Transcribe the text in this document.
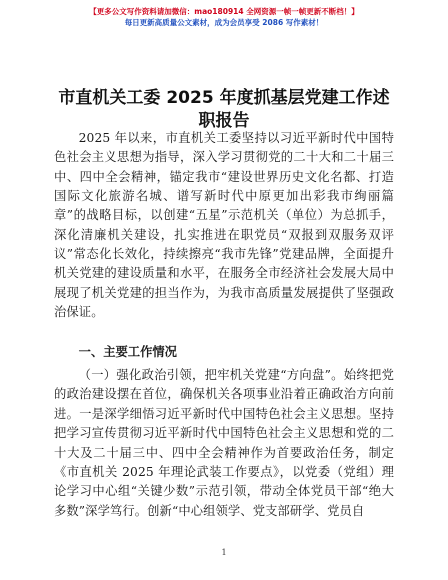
【更多公文写作资料请加微信：mao180914 全网资源一帧一帧更新不断档！】
每日更新高质量公文素材，成为会员享受 2086 写作素材！
市直机关工委 2025 年度抓基层党建工作述职报告

2025 年以来，市直机关工委坚持以习近平新时代中国特色社会主义思想为指导，深入学习贯彻党的二十大和二十届三中、四中全会精神，锚定我市“建设世界历史文化名都、打造国际文化旅游名城、谱写新时代中原更加出彩我市绚丽篇章”的战略目标，以创建“五星”示范机关（单位）为总抓手，深化清廉机关建设，扎实推进在职党员“双报到双服务双评议”常态化长效化，持续擦亮“我市先锋”党建品牌，全面提升机关党建的建设质量和水平，在服务全市经济社会发展大局中展现了机关党建的担当作为，为我市高质量发展提供了坚强政治保证。

一、主要工作情况

（一）强化政治引领，把牢机关党建“方向盘”。始终把党的政治建设摆在首位，确保机关各项事业沿着正确政治方向前进。一是深学细悟习近平新时代中国特色社会主义思想。坚持把学习宣传贯彻习近平新时代中国特色社会主义思想和党的二十大及二十届三中、四中全会精神作为首要政治任务，制定《市直机关 2025 年理论武装工作要点》，以党委（党组）理论学习中心组“关键少数”示范引领，带动全体党员干部“绝大多数”深学笃行。创新“中心组领学、党支部研学、党员自

1
